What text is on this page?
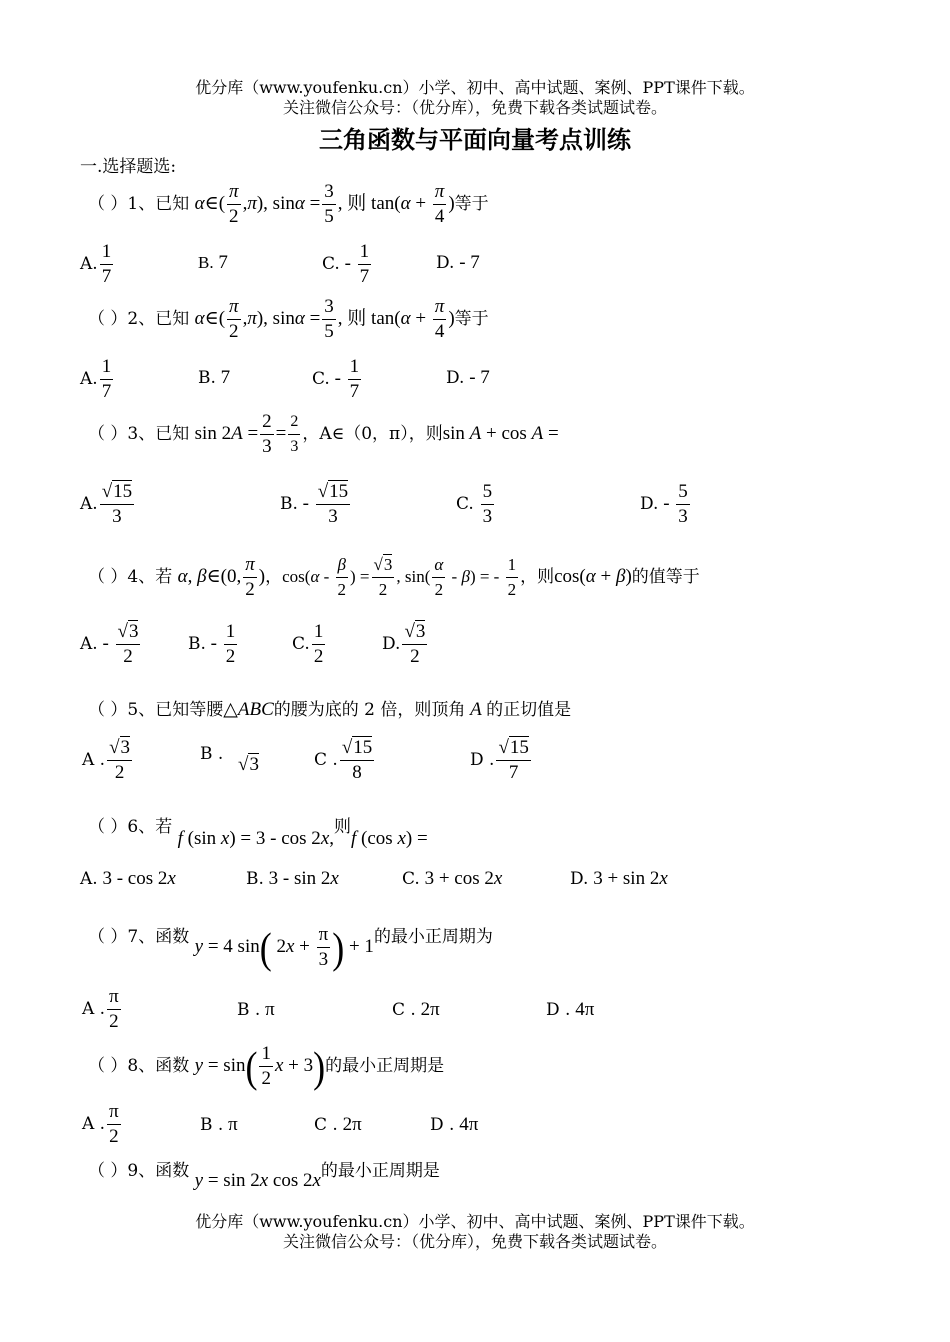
优分库（www.youfenku.cn）小学、初中、高中试题、案例、PPT课件下载。
关注微信公众号：（优分库），免费下载各类试题试卷。
三角函数与平面向量考点训练
一.选择题选:
（ ）1、已知 α∈( $\frac{\pi}{2} ,\pi$), $\sin\alpha = \frac{3}{5}$ , 则 $\tan(\alpha + \frac{\pi}{4}$ )等于
A. $\frac{1}{7}$	B. 7	C. - $\frac{1}{7}$	D. - 7
（ ）2、已知 α∈( $\frac{\pi}{2} ,\pi$), $\sin\alpha = \frac{3}{5}$ , 则 $\tan(\alpha + \frac{\pi}{4}$ )等于
A. $\frac{1}{7}$	B. 7	C. - $\frac{1}{7}$	D. - 7
（ ）3、已知 $\sin 2A = \frac{2}{3} = \frac{2}{3}$ ，A∈（0，π），则sin A + cos A =
A. $\frac{√15}{3}$	B. - $\frac{√15}{3}$	C. $\frac{5}{3}$	D. - $\frac{5}{3}$
（ ）4、若 α, β∈(0, $\frac{\pi}{2}$ )，$\cos(\alpha - \frac{\beta}{2}$ ) = $\frac{√3}{2}$ , $\sin( \frac{\alpha}{2} - \beta)$ = - $\frac{1}{2}$ ，则cos(α + β)的值等于
A. - $\frac{√3}{2}$	B. - $\frac{1}{2}$	C. $\frac{1}{2}$	D. $\frac{√3}{2}$
（ ）5、已知等腰△ABC的腰为底的 2 倍，则顶角 A 的正切值是
A . $\frac{√3}{2}$	B . √3	C . $\frac{√15}{8}$	D . $\frac{√15}{7}$
（ ）6、若 f (sin x) = 3 - cos 2x,则f (cos x) =
A. 3 - cos 2x	B. 3 - sin 2x	C. 3 + cos 2x	D. 3 + sin 2x
（ ）7、函数 y = 4 sin( $2x + \frac{\pi}{3}$ ) + 1的最小正周期为
A . $\frac{\pi}{2}$	B . π	C . 2π	D . 4π
（ ）8、函数 $y = \sin( \frac{1}{2}$ x + 3)的最小正周期是
A . $\frac{\pi}{2}$	B . π	C . 2π	D . 4π
（ ）9、函数 y = sin 2x cos 2x的最小正周期是
优分库（www.youfenku.cn）小学、初中、高中试题、案例、PPT课件下载。
关注微信公众号：（优分库），免费下载各类试题试卷。
